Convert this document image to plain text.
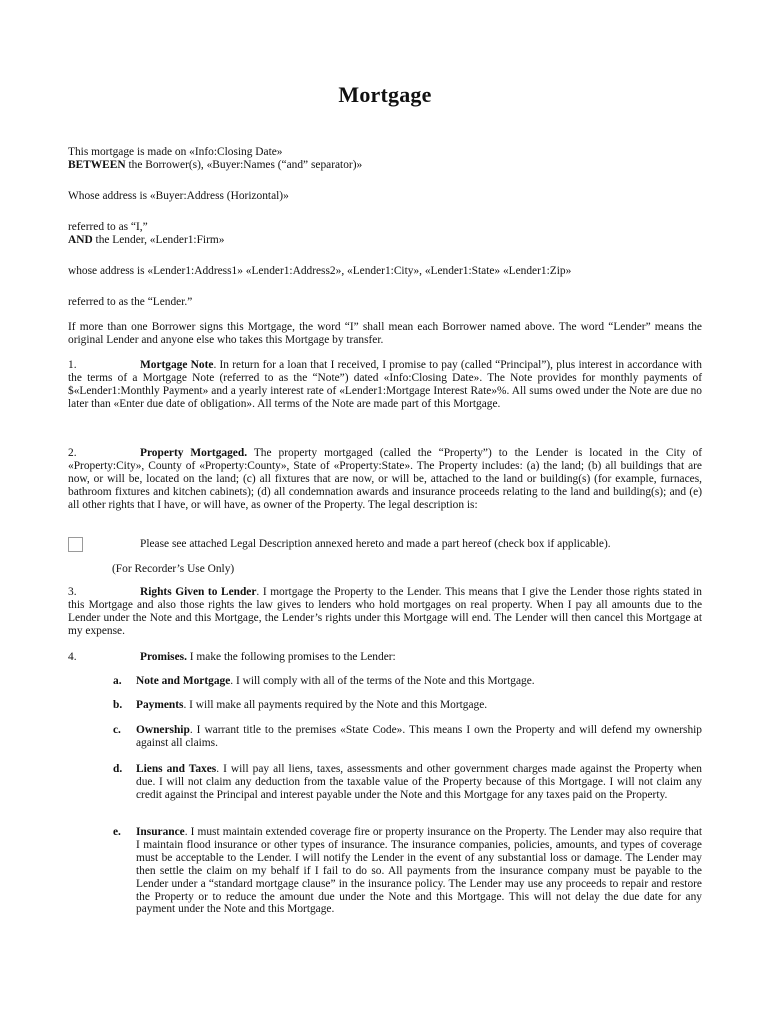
Mortgage

This mortgage is made on «Info:Closing Date»
BETWEEN the Borrower(s), «Buyer:Names (“and” separator)»

Whose address is «Buyer:Address (Horizontal)»

referred to as “I,”
AND the Lender, «Lender1:Firm»

whose address is «Lender1:Address1» «Lender1:Address2», «Lender1:City», «Lender1:State» «Lender1:Zip»

referred to as the “Lender.”

If more than one Borrower signs this Mortgage, the word “I” shall mean each Borrower named above. The word “Lender” means the original Lender and anyone else who takes this Mortgage by transfer.

1.	Mortgage Note. In return for a loan that I received, I promise to pay (called “Principal”), plus interest in accordance with the terms of a Mortgage Note (referred to as the “Note”) dated «Info:Closing Date». The Note provides for monthly payments of $«Lender1:Monthly Payment» and a yearly interest rate of «Lender1:Mortgage Interest Rate»%. All sums owed under the Note are due no later than «Enter due date of obligation». All terms of the Note are made part of this Mortgage.

2.	Property Mortgaged. The property mortgaged (called the “Property”) to the Lender is located in the City of «Property:City», County of «Property:County», State of «Property:State». The Property includes: (a) the land; (b) all buildings that are now, or will be, located on the land; (c) all fixtures that are now, or will be, attached to the land or building(s) (for example, furnaces, bathroom fixtures and kitchen cabinets); (d) all condemnation awards and insurance proceeds relating to the land and building(s); and (e) all other rights that I have, or will have, as owner of the Property. The legal description is:

Please see attached Legal Description annexed hereto and made a part hereof (check box if applicable).

(For Recorder’s Use Only)

3.	Rights Given to Lender. I mortgage the Property to the Lender. This means that I give the Lender those rights stated in this Mortgage and also those rights the law gives to lenders who hold mortgages on real property. When I pay all amounts due to the Lender under the Note and this Mortgage, the Lender’s rights under this Mortgage will end. The Lender will then cancel this Mortgage at my expense.

4.	Promises. I make the following promises to the Lender:

a. Note and Mortgage. I will comply with all of the terms of the Note and this Mortgage.
b. Payments. I will make all payments required by the Note and this Mortgage.
c. Ownership. I warrant title to the premises «State Code». This means I own the Property and will defend my ownership against all claims.
d. Liens and Taxes. I will pay all liens, taxes, assessments and other government charges made against the Property when due. I will not claim any deduction from the taxable value of the Property because of this Mortgage. I will not claim any credit against the Principal and interest payable under the Note and this Mortgage for any taxes paid on the Property.
e. Insurance. I must maintain extended coverage fire or property insurance on the Property. The Lender may also require that I maintain flood insurance or other types of insurance. The insurance companies, policies, amounts, and types of coverage must be acceptable to the Lender. I will notify the Lender in the event of any substantial loss or damage. The Lender may then settle the claim on my behalf if I fail to do so. All payments from the insurance company must be payable to the Lender under a “standard mortgage clause” in the insurance policy. The Lender may use any proceeds to repair and restore the Property or to reduce the amount due under the Note and this Mortgage. This will not delay the due date for any payment under the Note and this Mortgage.
